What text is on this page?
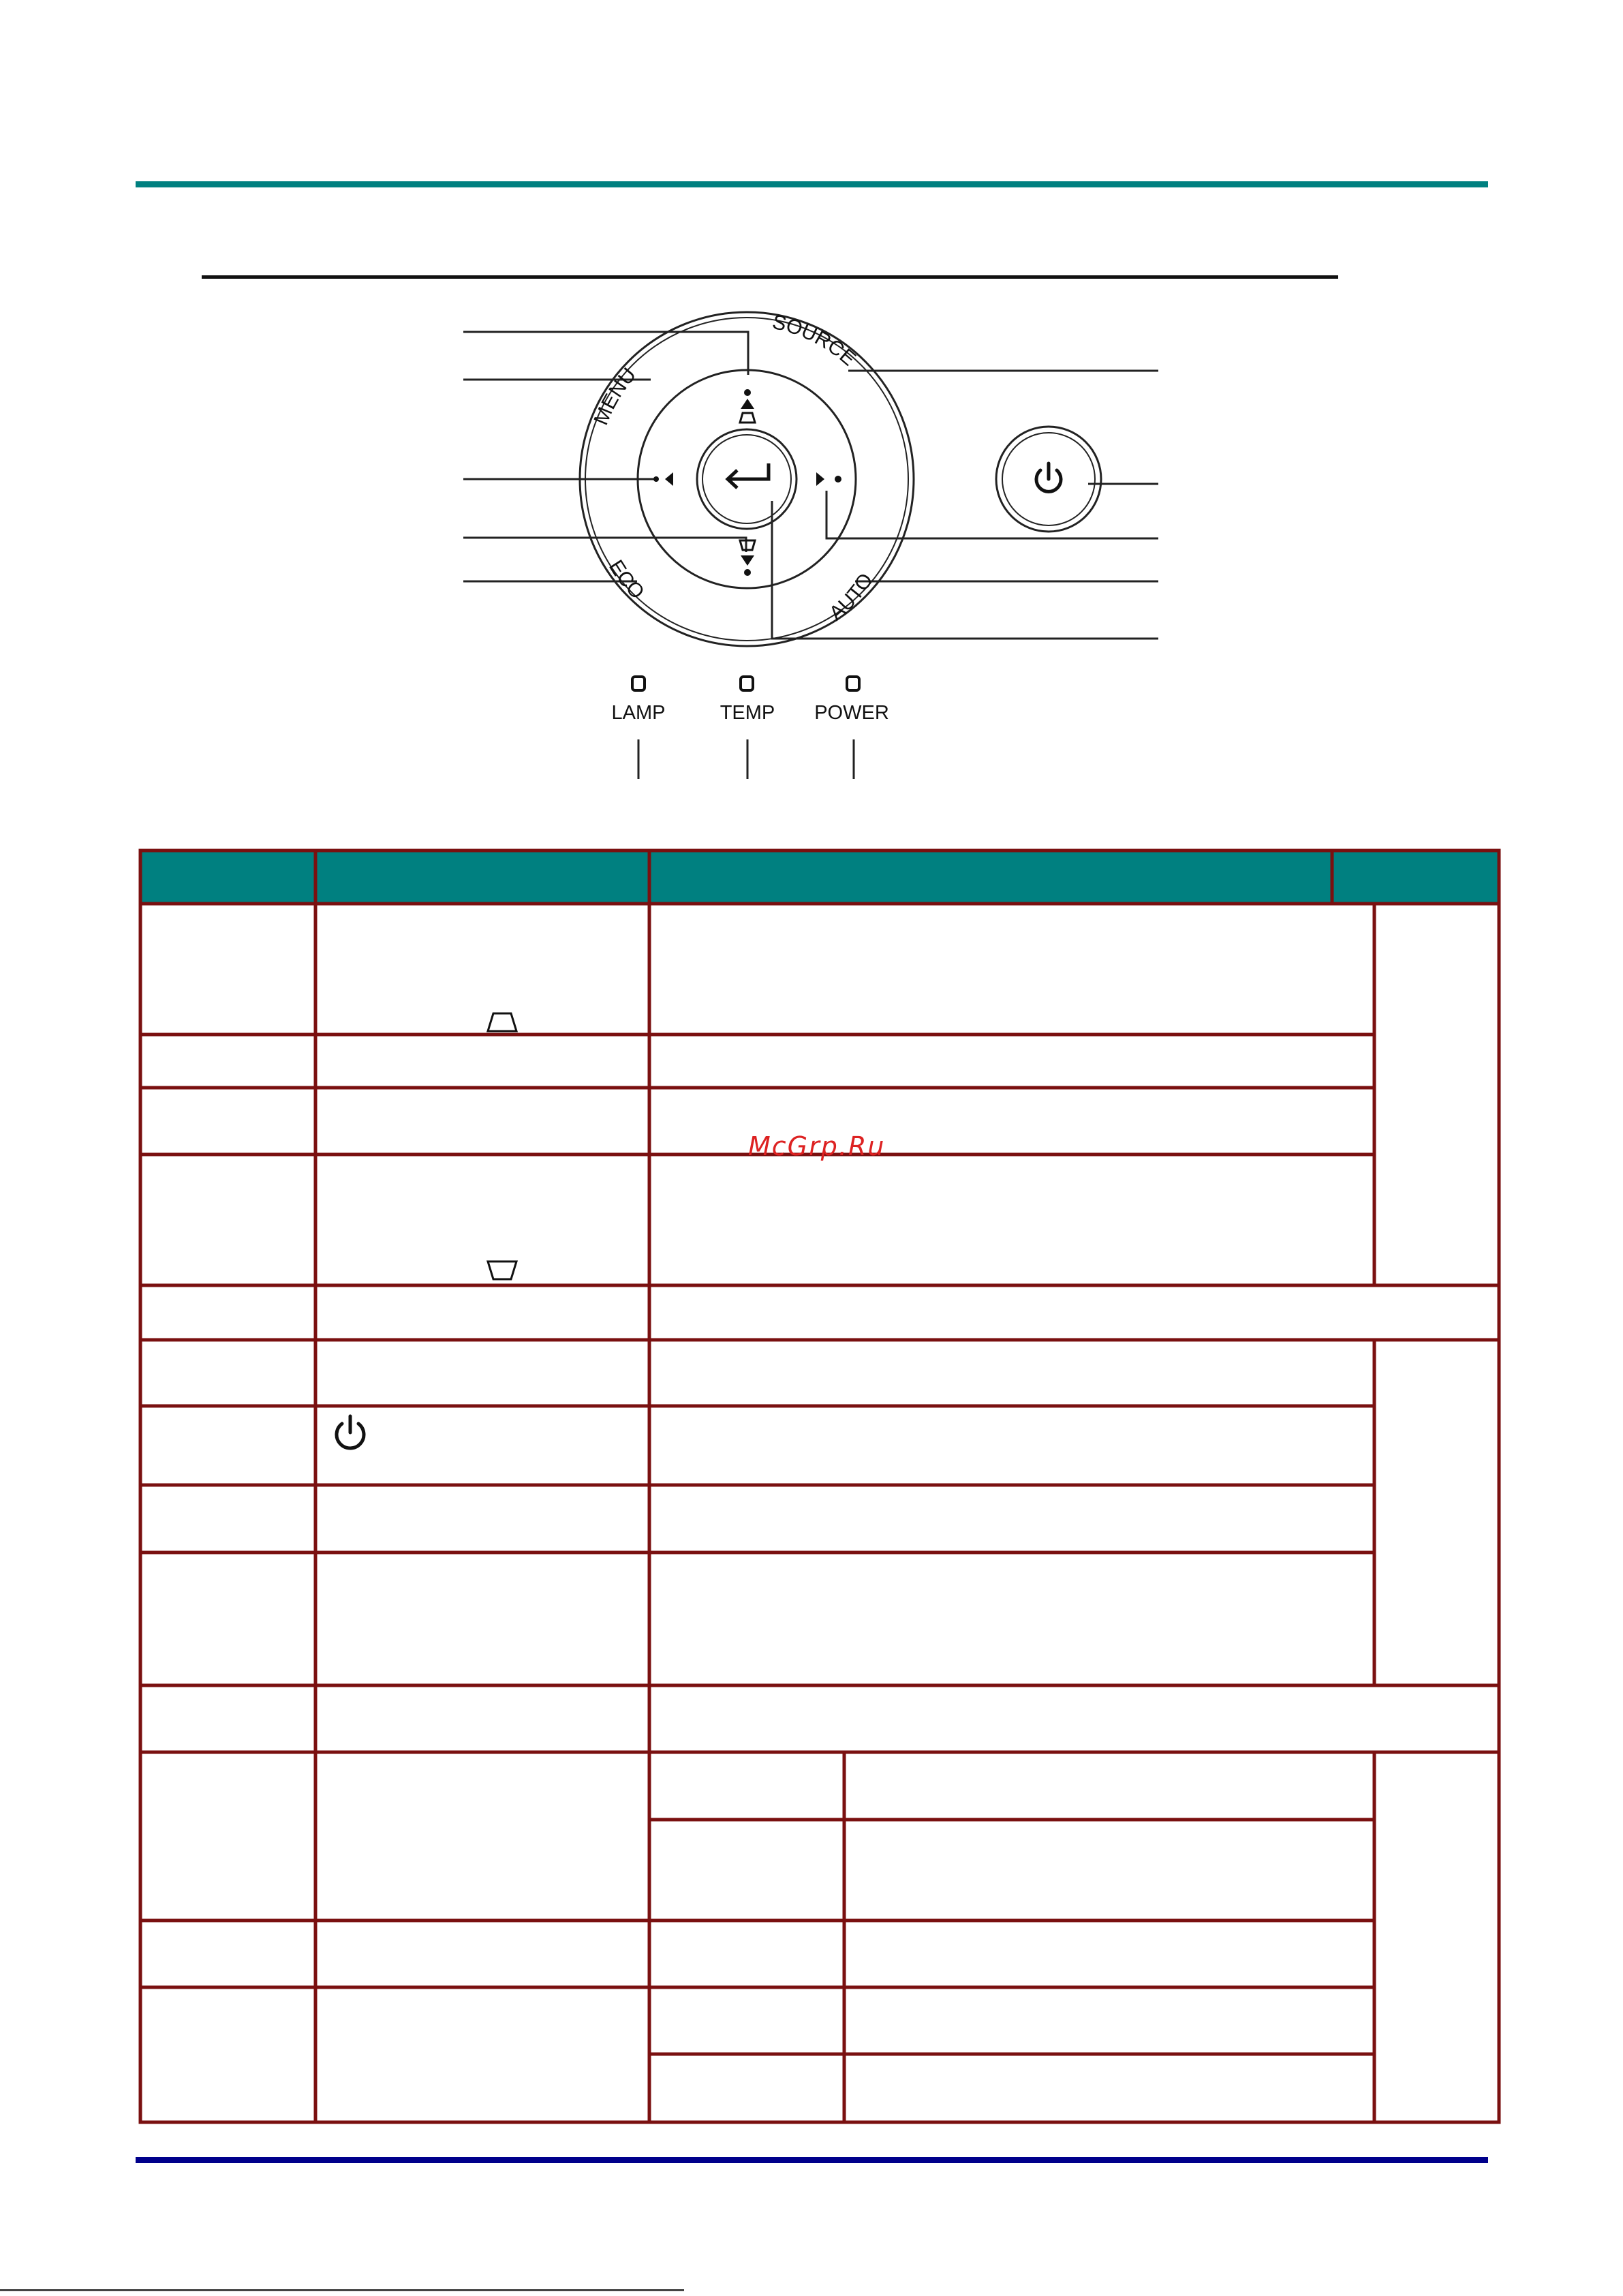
MENU
SOURCE
ECO
AUTO
LAMP	TEMP POWER
McGrp.Ru
